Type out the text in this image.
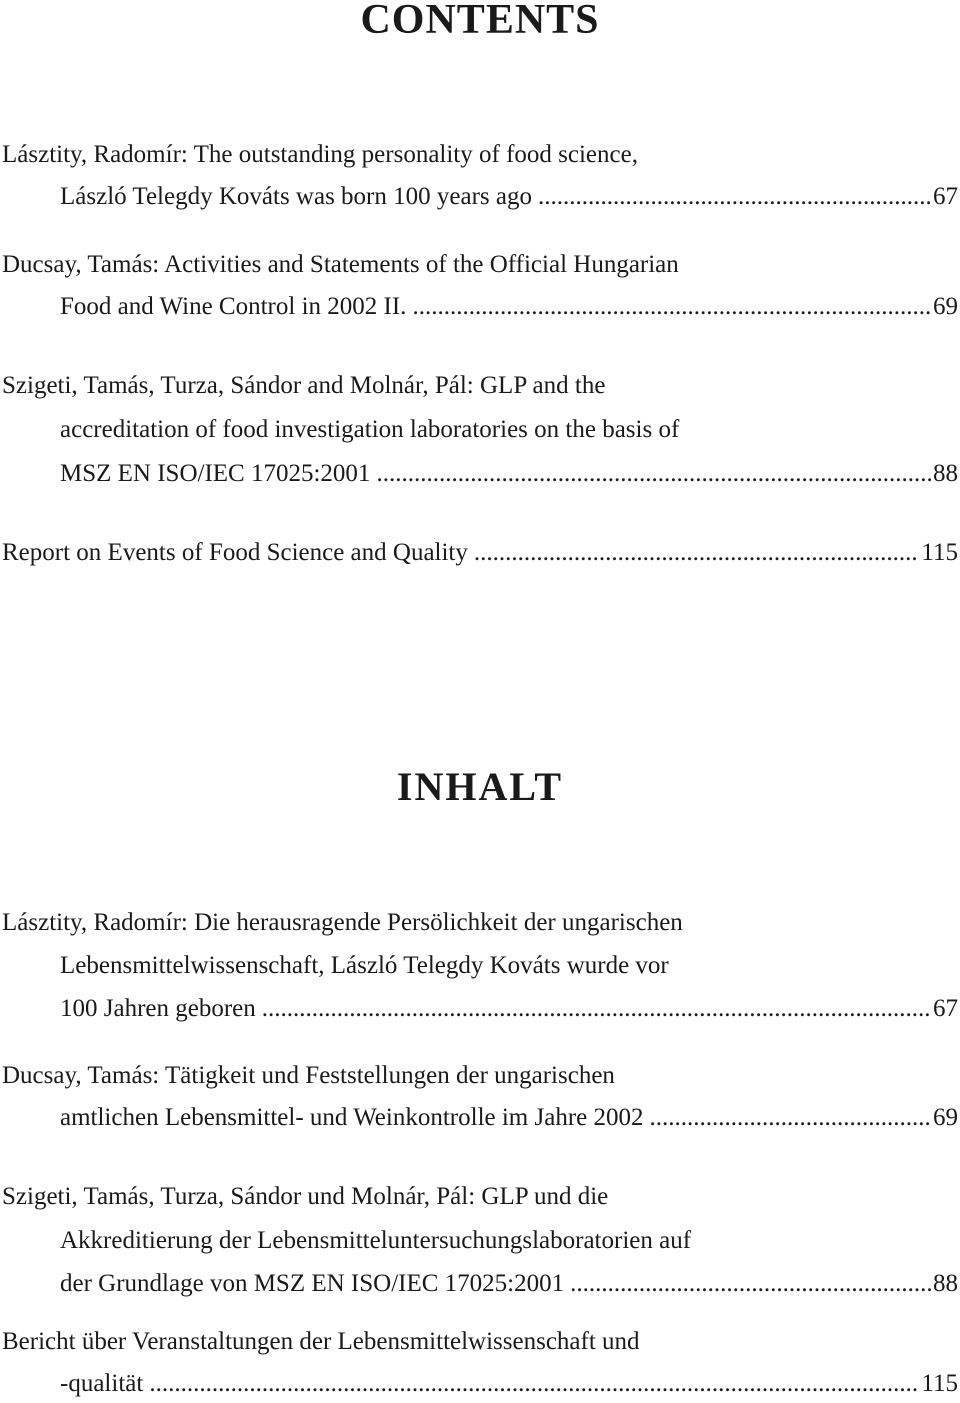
CONTENTS
Lásztity, Radomír: The outstanding personality of food science,
László Telegdy Kováts was born 100 years ago .....	67
Ducsay, Tamás: Activities and Statements of the Official Hungarian
Food and Wine Control in 2002 II. .....	69
Szigeti, Tamás, Turza, Sándor and Molnár, Pál: GLP and the
accreditation of food investigation laboratories on the basis of
MSZ EN ISO/IEC 17025:2001 .....	88
Report on Events of Food Science and Quality .....	115
INHALT
Lásztity, Radomír: Die herausragende Persölichkeit der ungarischen
Lebensmittelwissenschaft, László Telegdy Kováts wurde vor
100 Jahren geboren .....	67
Ducsay, Tamás: Tätigkeit und Feststellungen der ungarischen
amtlichen Lebensmittel- und Weinkontrolle im Jahre 2002 .....	69
Szigeti, Tamás, Turza, Sándor und Molnár, Pál: GLP und die
Akkreditierung der Lebensmitteluntersuchungslaboratorien auf
der Grundlage von MSZ EN ISO/IEC 17025:2001 .....	88
Bericht über Veranstaltungen der Lebensmittelwissenschaft und
-qualität .....	115
